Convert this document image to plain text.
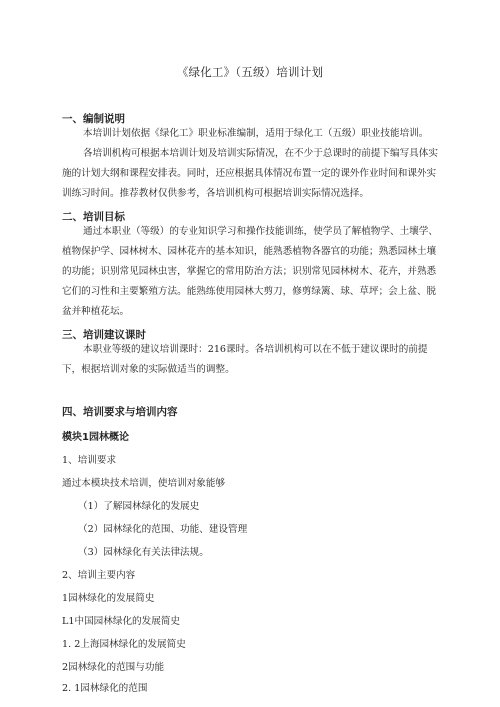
《绿化工》（五级）培训计划
一、编制说明
本培训计划依据《绿化工》职业标准编制，适用于绿化工（五级）职业技能培训。
各培训机构可根据本培训计划及培训实际情况，在不少于总课时的前提下编写具体实施的计划大纲和课程安排表。同时，还应根据具体情况布置一定的课外作业时间和课外实训练习时间。推荐教材仅供参考，各培训机构可根据培训实际情况选择。
二、培训目标
通过本职业（等级）的专业知识学习和操作技能训练，使学员了解植物学、土壤学、植物保护学、园林树木、园林花卉的基本知识，能熟悉植物各器官的功能；熟悉园林土壤的功能；识别常见园林虫害，掌握它的常用防治方法；识别常见园林树木、花卉，并熟悉它们的习性和主要繁殖方法。能熟练使用园林大剪刀，修剪绿篱、球、草坪；会上盆、脱盆并种植花坛。
三、培训建议课时
本职业等级的建议培训课时：216课时。各培训机构可以在不低于建议课时的前提下，根据培训对象的实际做适当的调整。
四、培训要求与培训内容
模块1园林概论
1、培训要求
通过本模块技术培训，使培训对象能够
（1）了解园林绿化的发展史
（2）园林绿化的范围、功能、建设管理
（3）园林绿化有关法律法规。
2、培训主要内容
1园林绿化的发展简史
L1中国园林绿化的发展简史
1. 2上海园林绿化的发展简史
2园林绿化的范围与功能
2. 1园林绿化的范围
